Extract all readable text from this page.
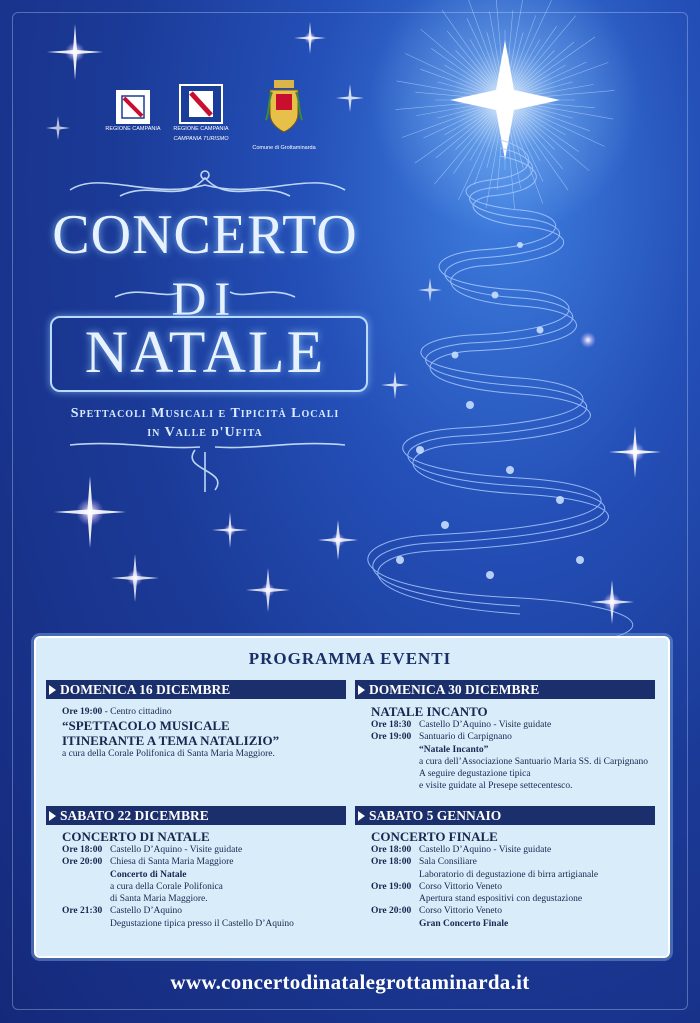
REGIONE CAMPANIA	REGIONE CAMPANIA
CAMPANIA TURISMO
Comune di Grottaminarda
CONCERTO
DI
NATALE
Spettacoli Musicali e Tipicità Locali
in Valle d'Ufita
PROGRAMMA EVENTI
DOMENICA 16 DICEMBRE
Ore 19:00 - Centro cittadino
“SPETTACOLO MUSICALE
ITINERANTE A TEMA NATALIZIO”
a cura della Corale Polifonica di Santa Maria Maggiore.
DOMENICA 30 DICEMBRE
NATALE INCANTO
Ore 18:30 Castello D’Aquino - Visite guidate
Ore 19:00 Santuario di Carpignano
“Natale Incanto”
a cura dell’Associazione Santuario Maria SS. di Carpignano
A seguire degustazione tipica
e visite guidate al Presepe settecentesco.
SABATO 22 DICEMBRE
CONCERTO DI NATALE
Ore 18:00 Castello D’Aquino - Visite guidate
Ore 20:00 Chiesa di Santa Maria Maggiore
Concerto di Natale
a cura della Corale Polifonica
di Santa Maria Maggiore.
Ore 21:30 Castello D’Aquino
Degustazione tipica presso il Castello D’Aquino
SABATO 5 GENNAIO
CONCERTO FINALE
Ore 18:00 Castello D’Aquino - Visite guidate
Ore 18:00 Sala Consiliare
Laboratorio di degustazione di birra artigianale
Ore 19:00 Corso Vittorio Veneto
Apertura stand espositivi con degustazione
Ore 20:00 Corso Vittorio Veneto
Gran Concerto Finale
www.concertodinatalegrottaminarda.it
